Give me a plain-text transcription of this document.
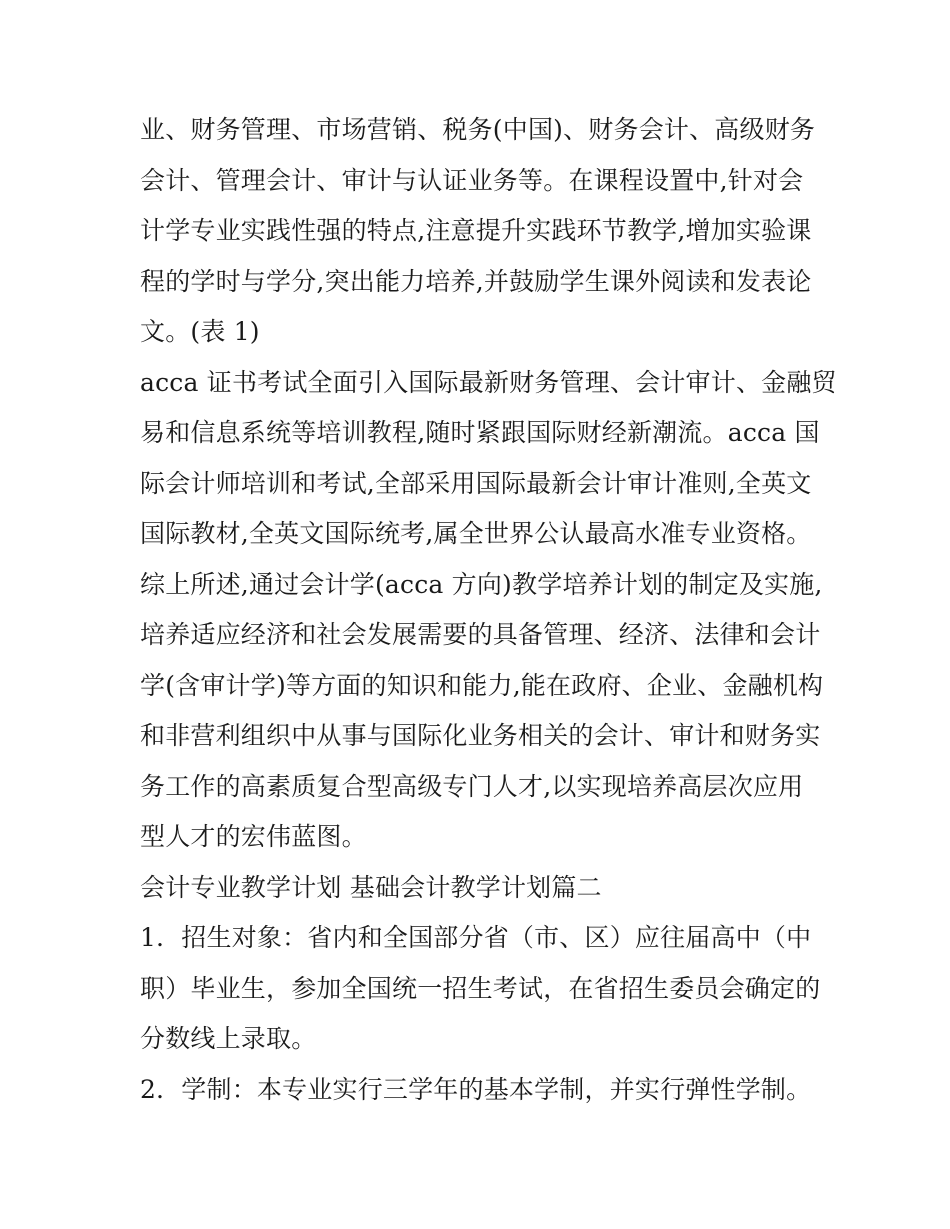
业、财务管理、市场营销、税务(中国)、财务会计、高级财务
会计、管理会计、审计与认证业务等。在课程设置中,针对会
计学专业实践性强的特点,注意提升实践环节教学,增加实验课
程的学时与学分,突出能力培养,并鼓励学生课外阅读和发表论
文。(表 1)
acca 证书考试全面引入国际最新财务管理、会计审计、金融贸
易和信息系统等培训教程,随时紧跟国际财经新潮流。acca 国
际会计师培训和考试,全部采用国际最新会计审计准则,全英文
国际教材,全英文国际统考,属全世界公认最高水准专业资格。
综上所述,通过会计学(acca 方向)教学培养计划的制定及实施,
培养适应经济和社会发展需要的具备管理、经济、法律和会计
学(含审计学)等方面的知识和能力,能在政府、企业、金融机构
和非营利组织中从事与国际化业务相关的会计、审计和财务实
务工作的高素质复合型高级专门人才,以实现培养高层次应用
型人才的宏伟蓝图。
会计专业教学计划 基础会计教学计划篇二
1．招生对象：省内和全国部分省（市、区）应往届高中（中
职）毕业生，参加全国统一招生考试，在省招生委员会确定的
分数线上录取。
2．学制：本专业实行三学年的基本学制，并实行弹性学制。
